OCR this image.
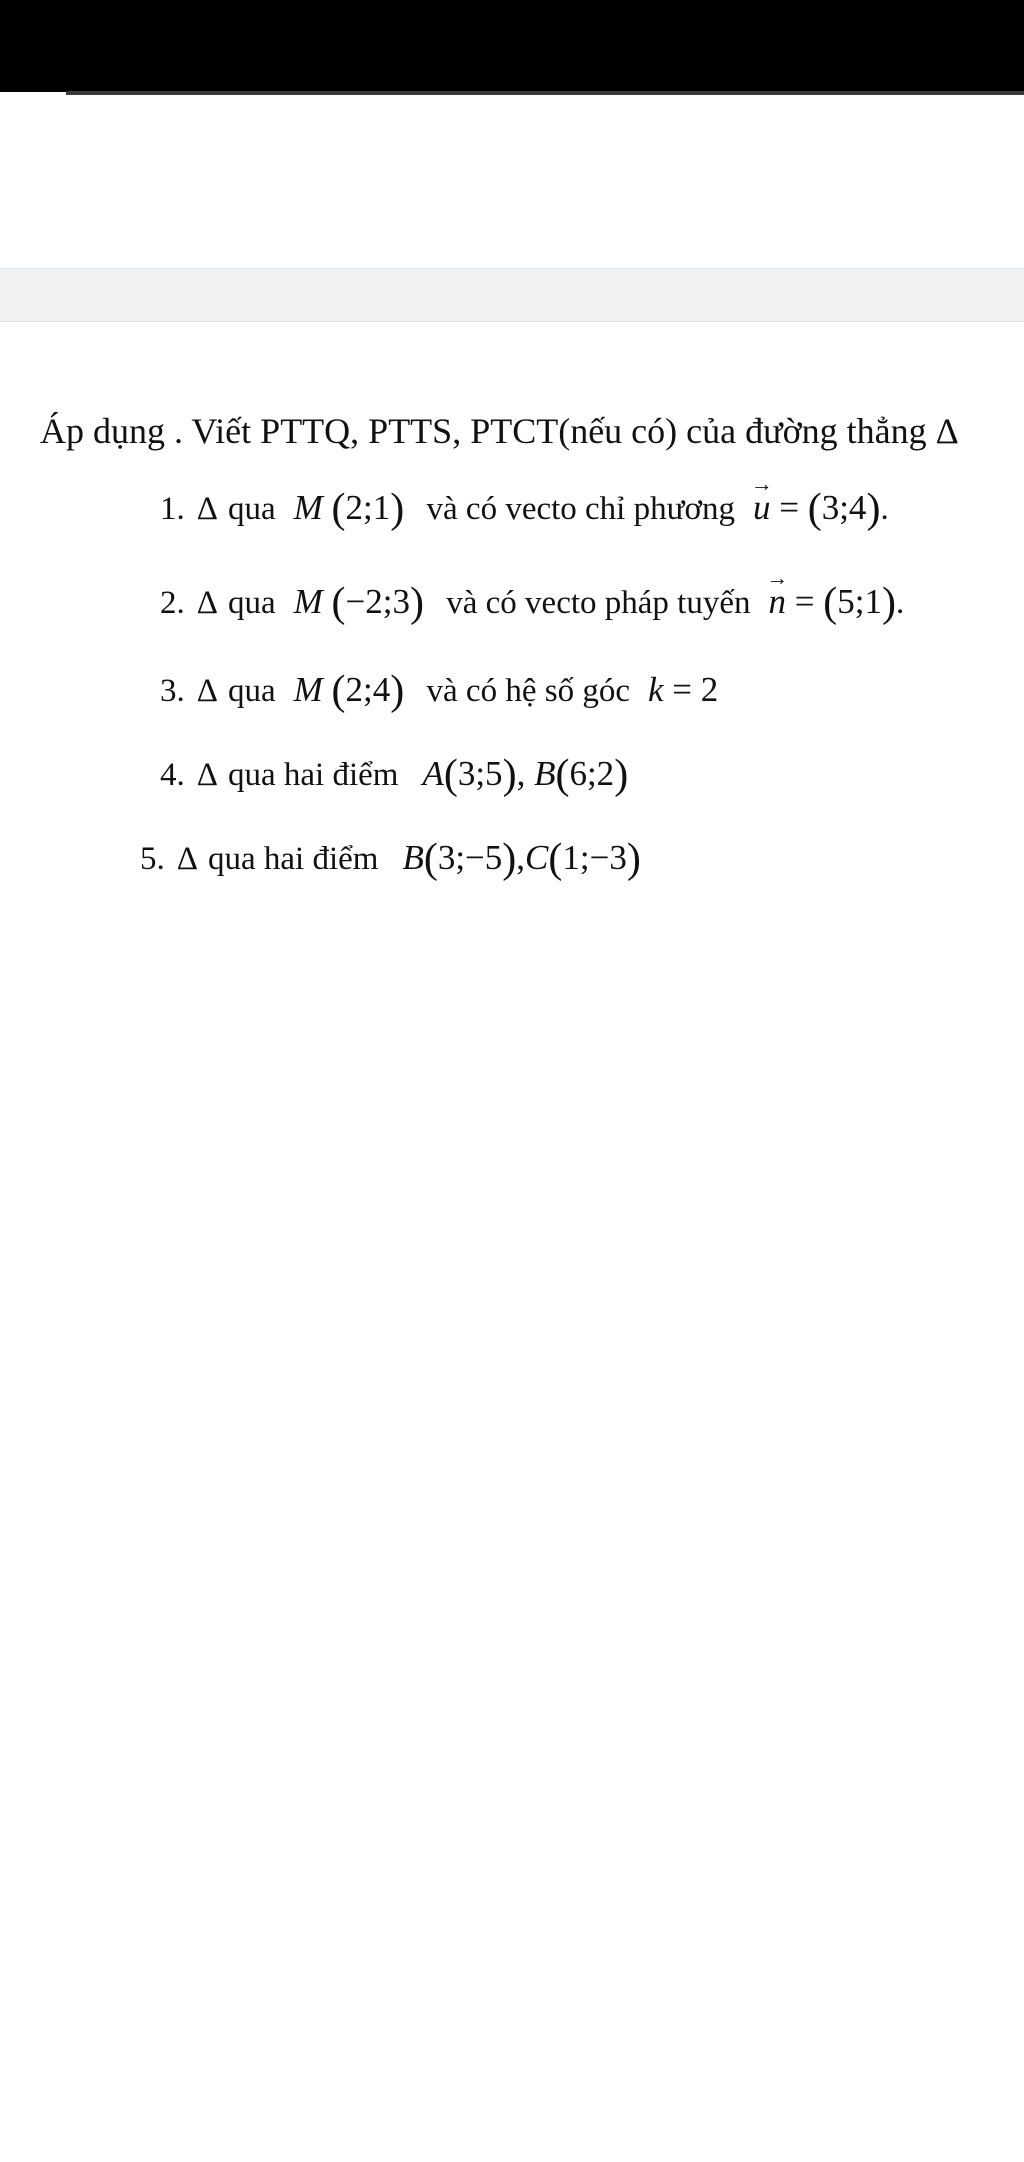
Áp dụng . Viết PTTQ, PTTS, PTCT(nếu có) của đường thẳng Δ
1. Δ qua M (2;1) và có vecto chỉ phương → u = (3;4).
2. Δ qua M (−2;3) và có vecto pháp tuyến → n = (5;1).
3. Δ qua M (2;4) và có hệ số góc k = 2
4. Δ qua hai điểm A(3;5), B(6;2)
5. Δ qua hai điểm B(3;−5),C(1;−3)
